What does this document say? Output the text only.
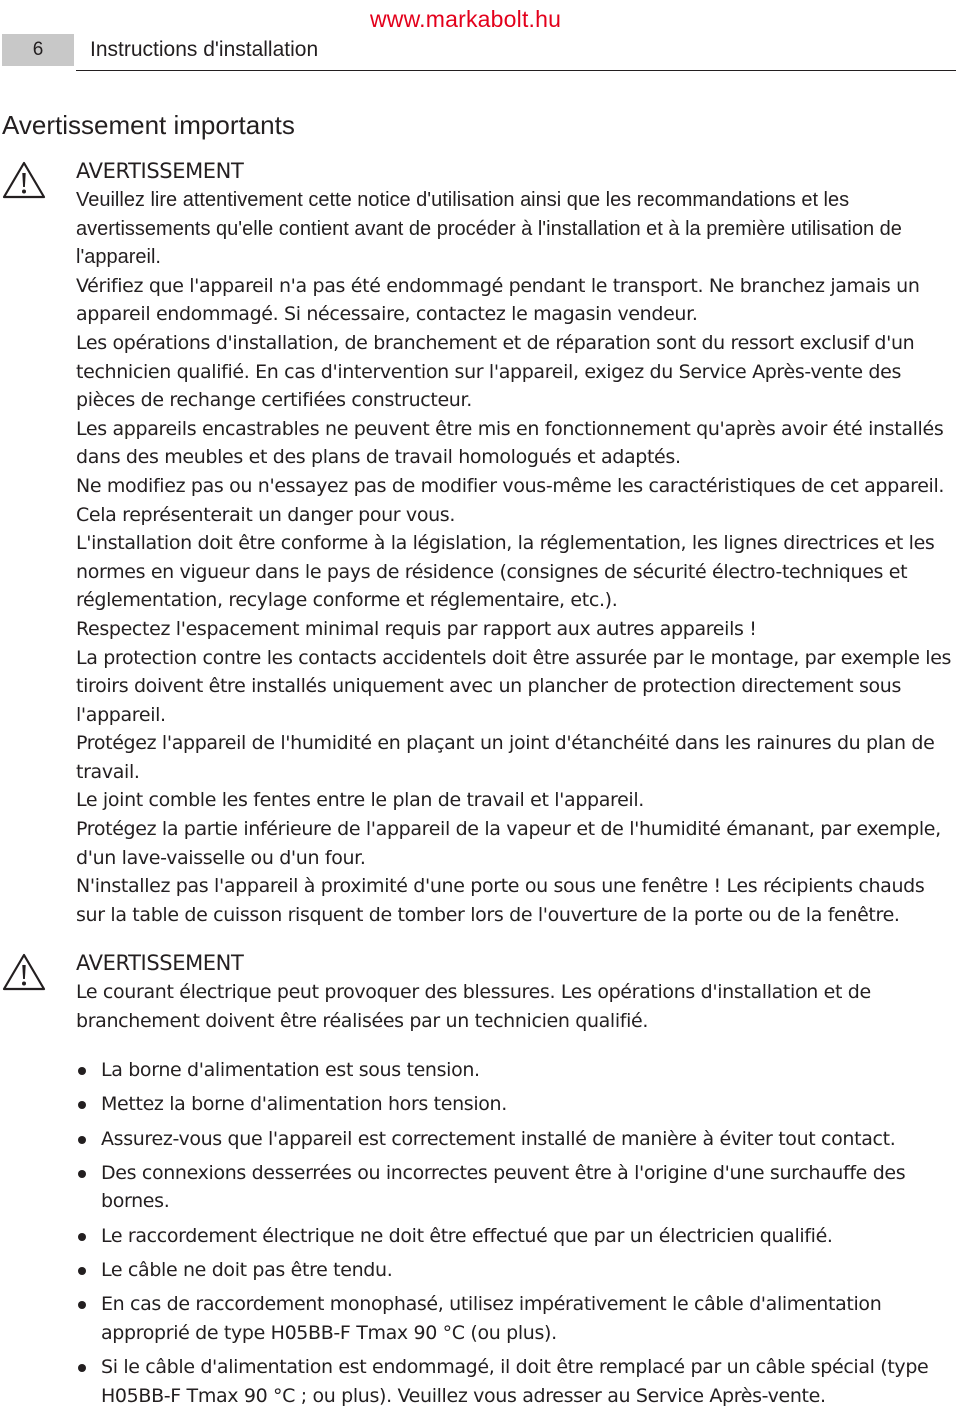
www.markabolt.hu
6	Instructions d'installation
Avertissement importants

AVERTISSEMENT

Veuillez lire attentivement cette notice d'utilisation ainsi que les recommandations et les avertissements qu'elle contient avant de procéder à l'installation et à la première utilisation de l'appareil.

Vérifiez que l'appareil n'a pas été endommagé pendant le transport. Ne branchez jamais un appareil endommagé. Si nécessaire, contactez le magasin vendeur.

Les opérations d'installation, de branchement et de réparation sont du ressort exclusif d'un technicien qualifié. En cas d'intervention sur l'appareil, exigez du Service Après-vente des pièces de rechange certifiées constructeur.

Les appareils encastrables ne peuvent être mis en fonctionnement qu'après avoir été installés dans des meubles et des plans de travail homologués et adaptés.

Ne modifiez pas ou n'essayez pas de modifier vous-même les caractéristiques de cet appareil. Cela représenterait un danger pour vous.

L'installation doit être conforme à la législation, la réglementation, les lignes directrices et les normes en vigueur dans le pays de résidence (consignes de sécurité électro-techniques et réglementation, recylage conforme et réglementaire, etc.).

Respectez l'espacement minimal requis par rapport aux autres appareils !

La protection contre les contacts accidentels doit être assurée par le montage, par exemple les tiroirs doivent être installés uniquement avec un plancher de protection directement sous l'appareil.

Protégez l'appareil de l'humidité en plaçant un joint d'étanchéité dans les rainures du plan de travail.

Le joint comble les fentes entre le plan de travail et l'appareil.

Protégez la partie inférieure de l'appareil de la vapeur et de l'humidité émanant, par exemple, d'un lave-vaisselle ou d'un four.

N'installez pas l'appareil à proximité d'une porte ou sous une fenêtre ! Les récipients chauds sur la table de cuisson risquent de tomber lors de l'ouverture de la porte ou de la fenêtre.

AVERTISSEMENT

Le courant électrique peut provoquer des blessures. Les opérations d'installation et de branchement doivent être réalisées par un technicien qualifié.

La borne d'alimentation est sous tension.
Mettez la borne d'alimentation hors tension.
Assurez-vous que l'appareil est correctement installé de manière à éviter tout contact.
Des connexions desserrées ou incorrectes peuvent être à l'origine d'une surchauffe des bornes.
Le raccordement électrique ne doit être effectué que par un électricien qualifié.
Le câble ne doit pas être tendu.
En cas de raccordement monophasé, utilisez impérativement le câble d'alimentation approprié de type H05BB-F Tmax 90 °C (ou plus).
Si le câble d'alimentation est endommagé, il doit être remplacé par un câble spécial (type H05BB-F Tmax 90 °C ; ou plus). Veuillez vous adresser au Service Après-vente.
